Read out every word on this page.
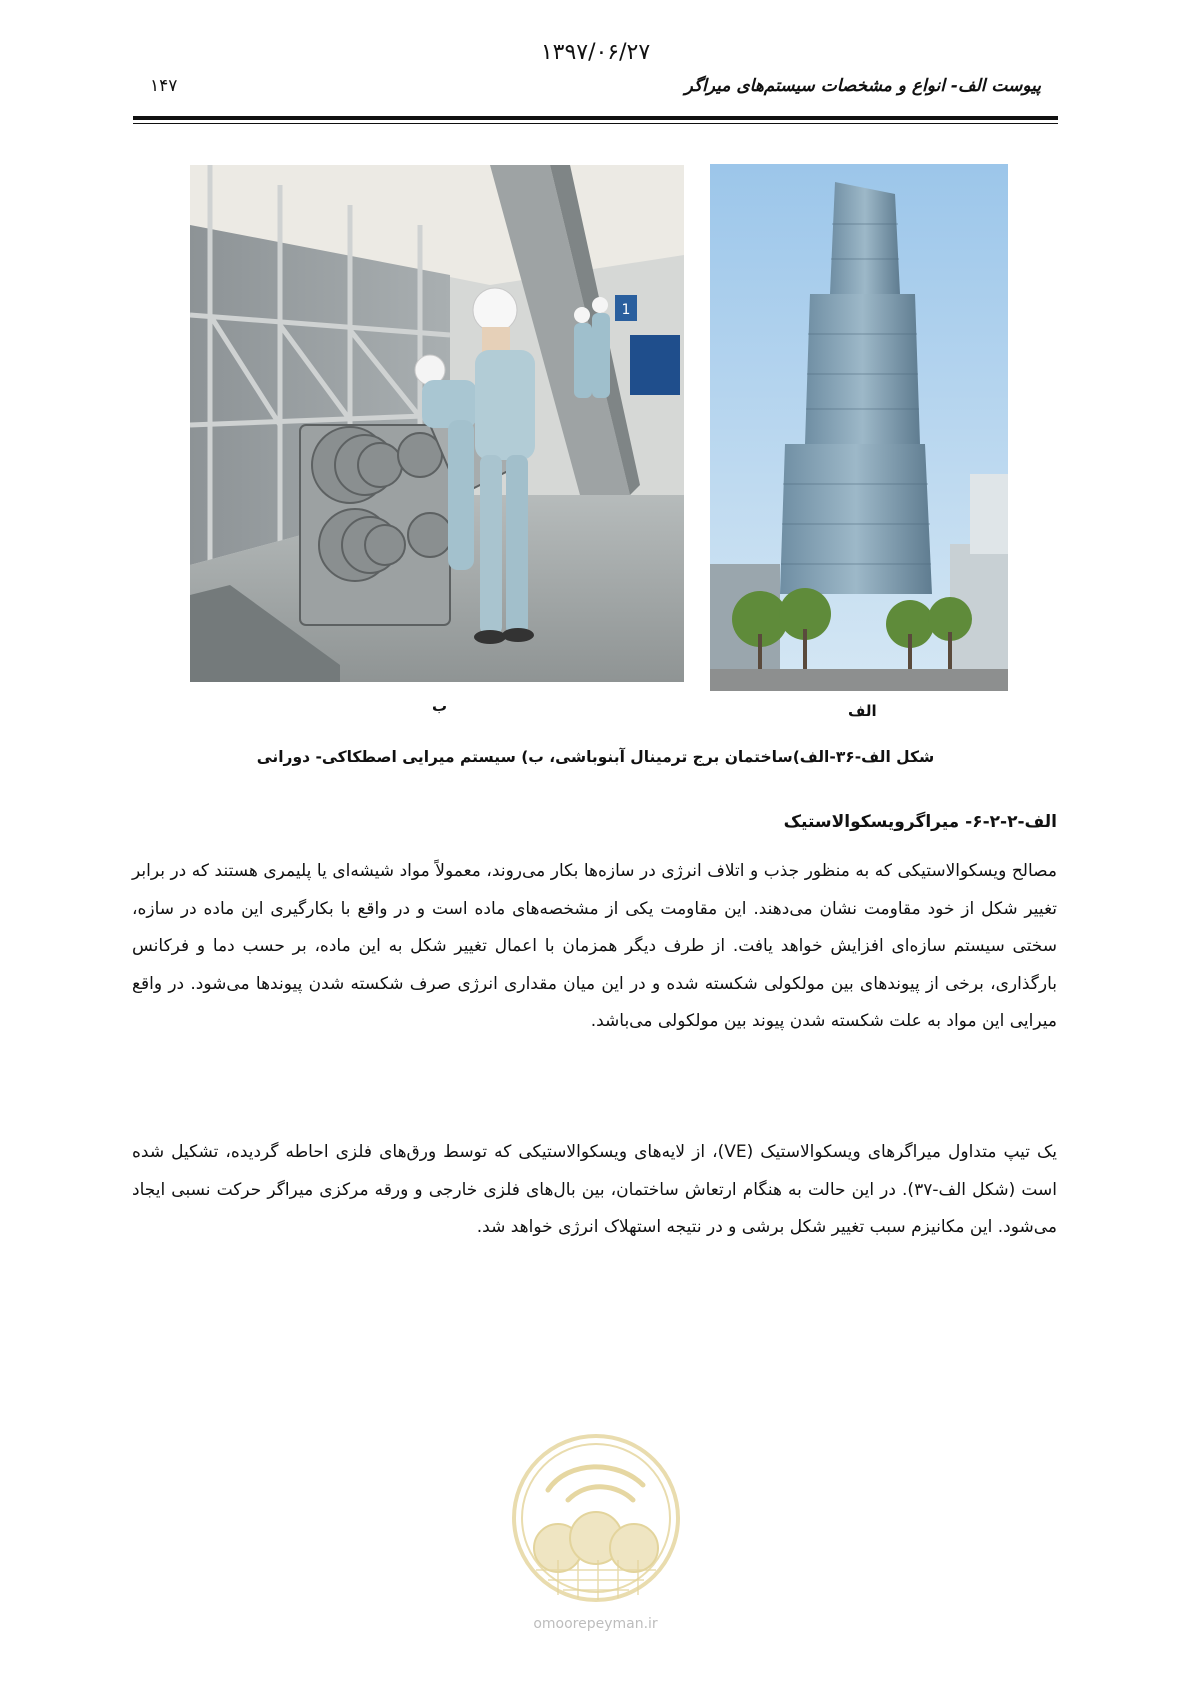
۱۳۹۷/۰۶/۲۷
۱۴۷	پیوست الف- انواع و مشخصات سیستم‌های میراگر
1
ب	الف
شکل الف-۳۶-الف)ساختمان برج ترمینال آبنوباشی، ب) سیستم میرایی اصطکاکی- دورانی
الف-۲-۲-۶- میراگرویسکوالاستیک
مصالح ویسکوالاستیکی که به منظور جذب و اتلاف انرژی در سازه‌ها بکار می‌روند، معمولاً مواد شیشه‌ای یا پلیمری هستند که در برابر تغییر شکل از خود مقاومت نشان می‌دهند. این مقاومت یکی از مشخصه‌های ماده است و در واقع با بکارگیری این ماده در سازه، سختی سیستم سازه‌ای افزایش خواهد یافت. از طرف دیگر همزمان با اعمال تغییر شکل به این ماده، بر حسب دما و فرکانس بارگذاری، برخی از پیوندهای بین مولکولی شکسته شده و در این میان مقداری انرژی صرف شکسته شدن پیوندها می‌شود. در واقع میرایی این مواد به علت شکسته شدن پیوند بین مولکولی می‌باشد.
یک تیپ متداول میراگرهای ویسکوالاستیک (VE)، از لایه‌های ویسکوالاستیکی که توسط ورق‌های فلزی احاطه گردیده، تشکیل شده است (شکل الف-۳۷). در این حالت به هنگام ارتعاش ساختمان، بین بال‌های فلزی خارجی و ورقه مرکزی میراگر حرکت نسبی ایجاد می‌شود. این مکانیزم سبب تغییر شکل برشی و در نتیجه استهلاک انرژی خواهد شد.
omoorepeyman.ir
